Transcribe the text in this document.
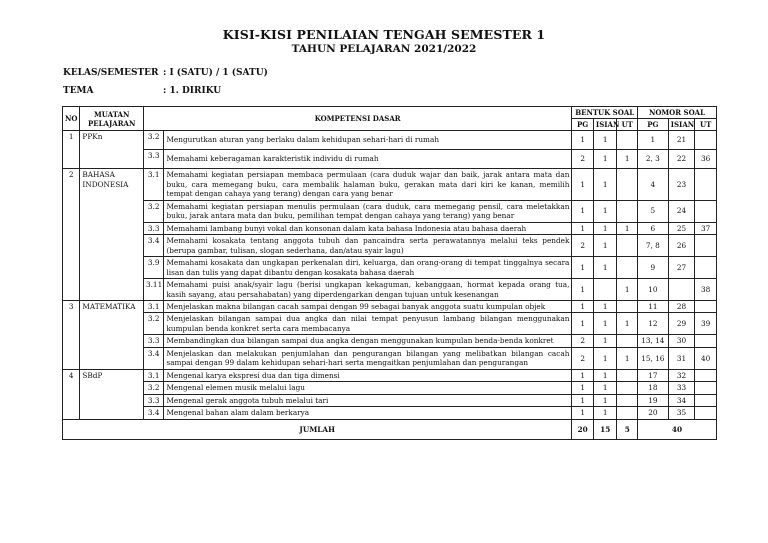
KISI-KISI PENILAIAN TENGAH SEMESTER 1
TAHUN PELAJARAN 2021/2022
KELAS/SEMESTER : I (SATU) / 1 (SATU)
TEMA	: 1. DIRIKU
NO	MUATAN PELAJARAN	KOMPETENSI DASAR		BENTUK SOAL			NOMOR SOAL		
				PG	ISIAN	UT	PG	ISIAN	UT
1	PPKn	3.2	Mengurutkan aturan yang berlaku dalam kehidupan sehari-hari di rumah	1	1		1	21	
		3.3	Memahami keberagaman karakteristik individu di rumah	2	1	1	2, 3	22	36
2	BAHASA INDONESIA	3.1	Memahami kegiatan persiapan membaca permulaan (cara duduk wajar dan baik, jarak antara mata dan buku, cara memegang buku, cara membalik halaman buku, gerakan mata dari kiri ke kanan, memilih tempat dengan cahaya yang terang) dengan cara yang benar	1	1		4	23	
		3.2	Memahami kegiatan persiapan menulis permulaan (cara duduk, cara memegang pensil, cara meletakkan buku, jarak antara mata dan buku, pemilihan tempat dengan cahaya yang terang) yang benar	1	1		5	24	
		3.3	Memahami lambang bunyi vokal dan konsonan dalam kata bahasa Indonesia atau bahasa daerah	1	1	1	6	25	37
		3.4	Memahami kosakata tentang anggota tubuh dan pancaindra serta perawatannya melalui teks pendek (berupa gambar, tulisan, slogan sederhana, dan/atau syair lagu)	2	1		7, 8	26	
		3.9	Memahami kosakata dan ungkapan perkenalan diri, keluarga, dan orang-orang di tempat tinggalnya secara lisan dan tulis yang dapat dibantu dengan kosakata bahasa daerah	1	1		9	27	
		3.11	Memahami puisi anak/syair lagu (berisi ungkapan kekaguman, kebanggaan, hormat kepada orang tua, kasih sayang, atau persahabatan) yang diperdengarkan dengan tujuan untuk kesenangan	1		1	10		38
3	MATEMATIKA	3.1	Menjelaskan makna bilangan cacah sampai dengan 99 sebagai banyak anggota suatu kumpulan objek	1	1		11	28	
		3.2	Menjelaskan bilangan sampai dua angka dan nilai tempat penyusun lambang bilangan menggunakan kumpulan benda konkret serta cara membacanya	1	1	1	12	29	39
		3.3	Membandingkan dua bilangan sampai dua angka dengan menggunakan kumpulan benda-benda konkret	2	1		13, 14	30	
		3.4	Menjelaskan dan melakukan penjumlahan dan pengurangan bilangan yang melibatkan bilangan cacah sampai dengan 99 dalam kehidupan sehari-hari serta mengaitkan penjumlahan dan pengurangan	2	1	1	15, 16	31	40
4	SBdP	3.1	Mengenal karya ekspresi dua dan tiga dimensi	1	1		17	32	
		3.2	Mengenal elemen musik melalui lagu	1	1		18	33	
		3.3	Mengenal gerak anggota tubuh melalui tari	1	1		19	34	
		3.4	Mengenal bahan alam dalam berkarya	1	1		20	35	
JUMLAH				20	15	5	40		
